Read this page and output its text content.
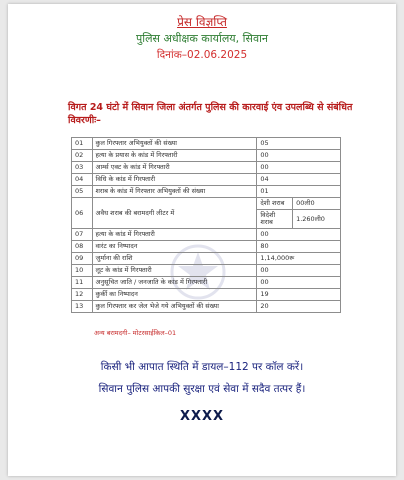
प्रेस विज्ञप्ति
पुलिस अधीक्षक कार्यालय, सिवान
दिनांक–02.06.2025
विगत 24 घंटो में सिवान जिला अंतर्गत पुलिस की कारवाई एंव उपलब्धि से संबंधित विवरणीः–
01	कुल गिरफ्तार अभियुक्तों की संख्या	05	
02	हत्या के प्रयास के कांड में गिरफ्तारी	00	
03	आर्म्स एक्ट के कांड में गिरफ्तारी	00	
04	विधि के कांड में गिरफ्तारी	04	
05	शराब के कांड में गिरफ्तार अभियुक्तों की संख्या	01	
06	अवैध शराब की बरामदगी लीटर में	देशी शराब	00ली0
		विदेशी शराब	1.260ली0
07	हत्या के कांड में गिरफ्तारी	00	
08	वारंट का निष्पादन	80	
09	जुर्माना की राशि	1,14,000रू	
10	लूट के कांड में गिरफ्तारी	00	
11	अनुसूचित जाति / जनजाति के कांड में गिरफ्तारी	00	
12	कुर्की का निष्पादन	19	
13	कुल गिरफ्तार कर जेल भेजे गये अभियुक्तों की संख्या	20	
अन्य बरामदगी– मोटरसाईकिल–01
किसी भी आपात स्थिति में डायल–112 पर कॉल करें।
सिवान पुलिस आपकी सुरक्षा एवं सेवा में सदैव तत्पर हैं।
XXXX
